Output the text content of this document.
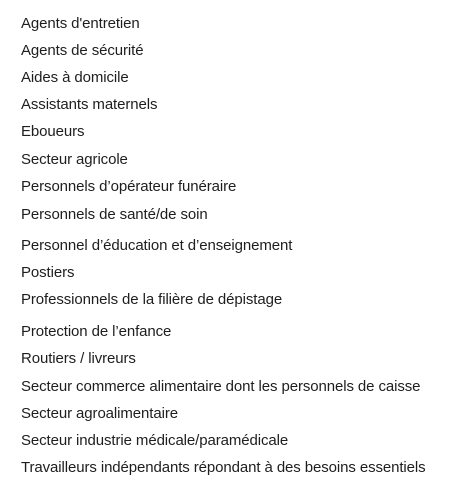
Agents d'entretien
Agents de sécurité
Aides à domicile
Assistants maternels
Eboueurs
Secteur agricole
Personnels d’opérateur funéraire
Personnels de santé/de soin
Personnel d’éducation et d’enseignement
Postiers
Professionnels de la filière de dépistage
Protection de l’enfance
Routiers / livreurs
Secteur commerce alimentaire dont les personnels de caisse
Secteur agroalimentaire
Secteur industrie médicale/paramédicale
Travailleurs indépendants répondant à des besoins essentiels
